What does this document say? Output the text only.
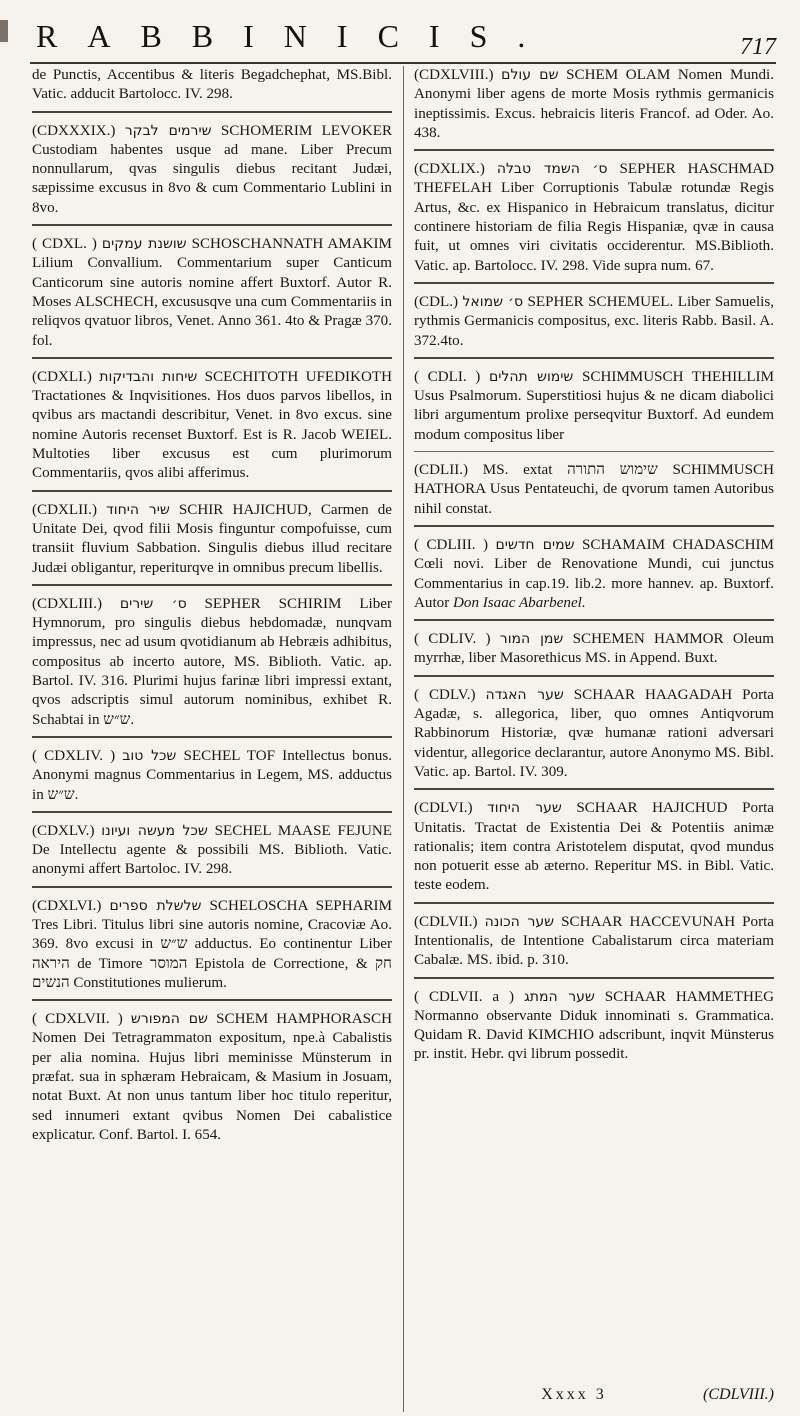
RABBINICIS.	717

de Punctis, Accentibus & literis Begadchephat, MS.Bibl. Vatic. adducit Bartolocc. IV. 298.

(CDXXXIX.) שירמים לבקר SCHOMERIM LEVOKER Custodiam habentes usque ad mane. Liber Precum nonnullarum, qvas singulis diebus recitant Judæi, sæpissime excusus in 8vo & cum Commentario Lublini in 8vo.

( CDXL. ) שושנת עמקים SCHOSCHANNATH AMAKIM Lilium Convallium. Commentarium super Canticum Canticorum sine autoris nomine affert Buxtorf. Autor R. Moses ALSCHECH, excususqve una cum Commentariis in reliqvos qvatuor libros, Venet. Anno 361. 4to & Pragæ 370. fol.

(CDXLI.) שיחות והבדיקות SCECHITOTH UFEDIKOTH Tractationes & Inqvisitiones. Hos duos parvos libellos, in qvibus ars mactandi describitur, Venet. in 8vo excus. sine nomine Autoris recenset Buxtorf. Est is R. Jacob WEIEL. Multoties liber excusus est cum plurimorum Commentariis, qvos alibi afferimus.

(CDXLII.) שיר היחוד SCHIR HAJICHUD, Carmen de Unitate Dei, qvod filii Mosis finguntur compofuisse, cum transiit fluvium Sabbation. Singulis diebus illud recitare Judæi obligantur, reperiturqve in omnibus precum libellis.

(CDXLIII.) ס׳ שירים SEPHER SCHIRIM Liber Hymnorum, pro singulis diebus hebdomadæ, nunqvam impressus, nec ad usum qvotidianum ab Hebræis adhibitus, compositus ab incerto autore, MS. Biblioth. Vatic. ap. Bartol. IV. 316. Plurimi hujus farinæ libri impressi extant, qvos adscriptis simul autorum nominibus, exhibet R. Schabtai in ש״ש.

( CDXLIV. ) שכל טוב SECHEL TOF Intellectus bonus. Anonymi magnus Commentarius in Legem, MS. adductus in ש״ש.

(CDXLV.) שכל מעשה ועיונו SECHEL MAASE FEJUNE De Intellectu agente & possibili MS. Biblioth. Vatic. anonymi affert Bartoloc. IV. 298.

(CDXLVI.) שלשלת ספרים SCHELOSCHA SEPHARIM Tres Libri. Titulus libri sine autoris nomine, Cracoviæ Ao. 369. 8vo excusi in ש״ש adductus. Eo continentur Liber היראה de Timore המוסר Epistola de Correctione, & חק הנשים Constitutiones mulierum.

( CDXLVII. ) שם המפורש SCHEM HAMPHORASCH Nomen Dei Tetragrammaton expositum, npe.à Cabalistis per alia nomina. Hujus libri meminisse Münsterum in præfat. sua in sphæram Hebraicam, & Masium in Josuam, notat Buxt. At non unus tantum liber hoc titulo reperitur, sed innumeri extant qvibus Nomen Dei cabalistice explicatur. Conf. Bartol. I. 654.

(CDXLVIII.) שם עולם SCHEM OLAM Nomen Mundi. Anonymi liber agens de morte Mosis rythmis germanicis ineptissimis. Excus. hebraicis literis Francof. ad Oder. Ao. 438.

(CDXLIX.) ס׳ השמד טבלה SEPHER HASCHMAD THEFELAH Liber Corruptionis Tabulæ rotundæ Regis Artus, &c. ex Hispanico in Hebraicum translatus, dicitur continere historiam de filia Regis Hispaniæ, qvæ in causa fuit, ut omnes viri civitatis occiderentur. MS.Biblioth. Vatic. ap. Bartolocc. IV. 298. Vide supra num. 67.

(CDL.) ס׳ שמואל SEPHER SCHEMUEL. Liber Samuelis, rythmis Germanicis compositus, exc. literis Rabb. Basil. A. 372.4to.

( CDLI. ) שימוש תהלים SCHIMMUSCH THEHILLIM Usus Psalmorum. Superstitiosi hujus & ne dicam diabolici libri argumentum prolixe perseqvitur Buxtorf. Ad eundem modum compositus liber

(CDLII.) MS. extat שימוש התורה SCHIMMUSCH HATHORA Usus Pentateuchi, de qvorum tamen Autoribus nihil constat.

( CDLIII. ) שמים חדשים SCHAMAIM CHADASCHIM Cœli novi. Liber de Renovatione Mundi, cui junctus Commentarius in cap.19. lib.2. more hannev. ap. Buxtorf. Autor Don Isaac Abarbenel.

( CDLIV. ) שמן המור SCHEMEN HAMMOR Oleum myrrhæ, liber Masorethicus MS. in Append. Buxt.

( CDLV.) שער האגדה SCHAAR HAAGADAH Porta Agadæ, s. allegorica, liber, quo omnes Antiqvorum Rabbinorum Historiæ, qvæ humanæ rationi adversari videntur, allegorice declarantur, autore Anonymo MS. Bibl. Vatic. ap. Bartol. IV. 309.

(CDLVI.) שער היחוד SCHAAR HAJICHUD Porta Unitatis. Tractat de Existentia Dei & Potentiis animæ rationalis; item contra Aristotelem disputat, qvod mundus non potuerit esse ab æterno. Reperitur MS. in Bibl. Vatic. teste eodem.

(CDLVII.) שער הכונה SCHAAR HACCEVUNAH Porta Intentionalis, de Intentione Cabalistarum circa materiam Cabalæ. MS. ibid. p. 310.

( CDLVII. a ) שער המתג SCHAAR HAMMETHEG Normanno observante Diduk innominati s. Grammatica. Quidam R. David KIMCHIO adscribunt, inqvit Münsterus pr. instit. Hebr. qvi librum possedit.

Xxxx 3	(CDLVIII.)
